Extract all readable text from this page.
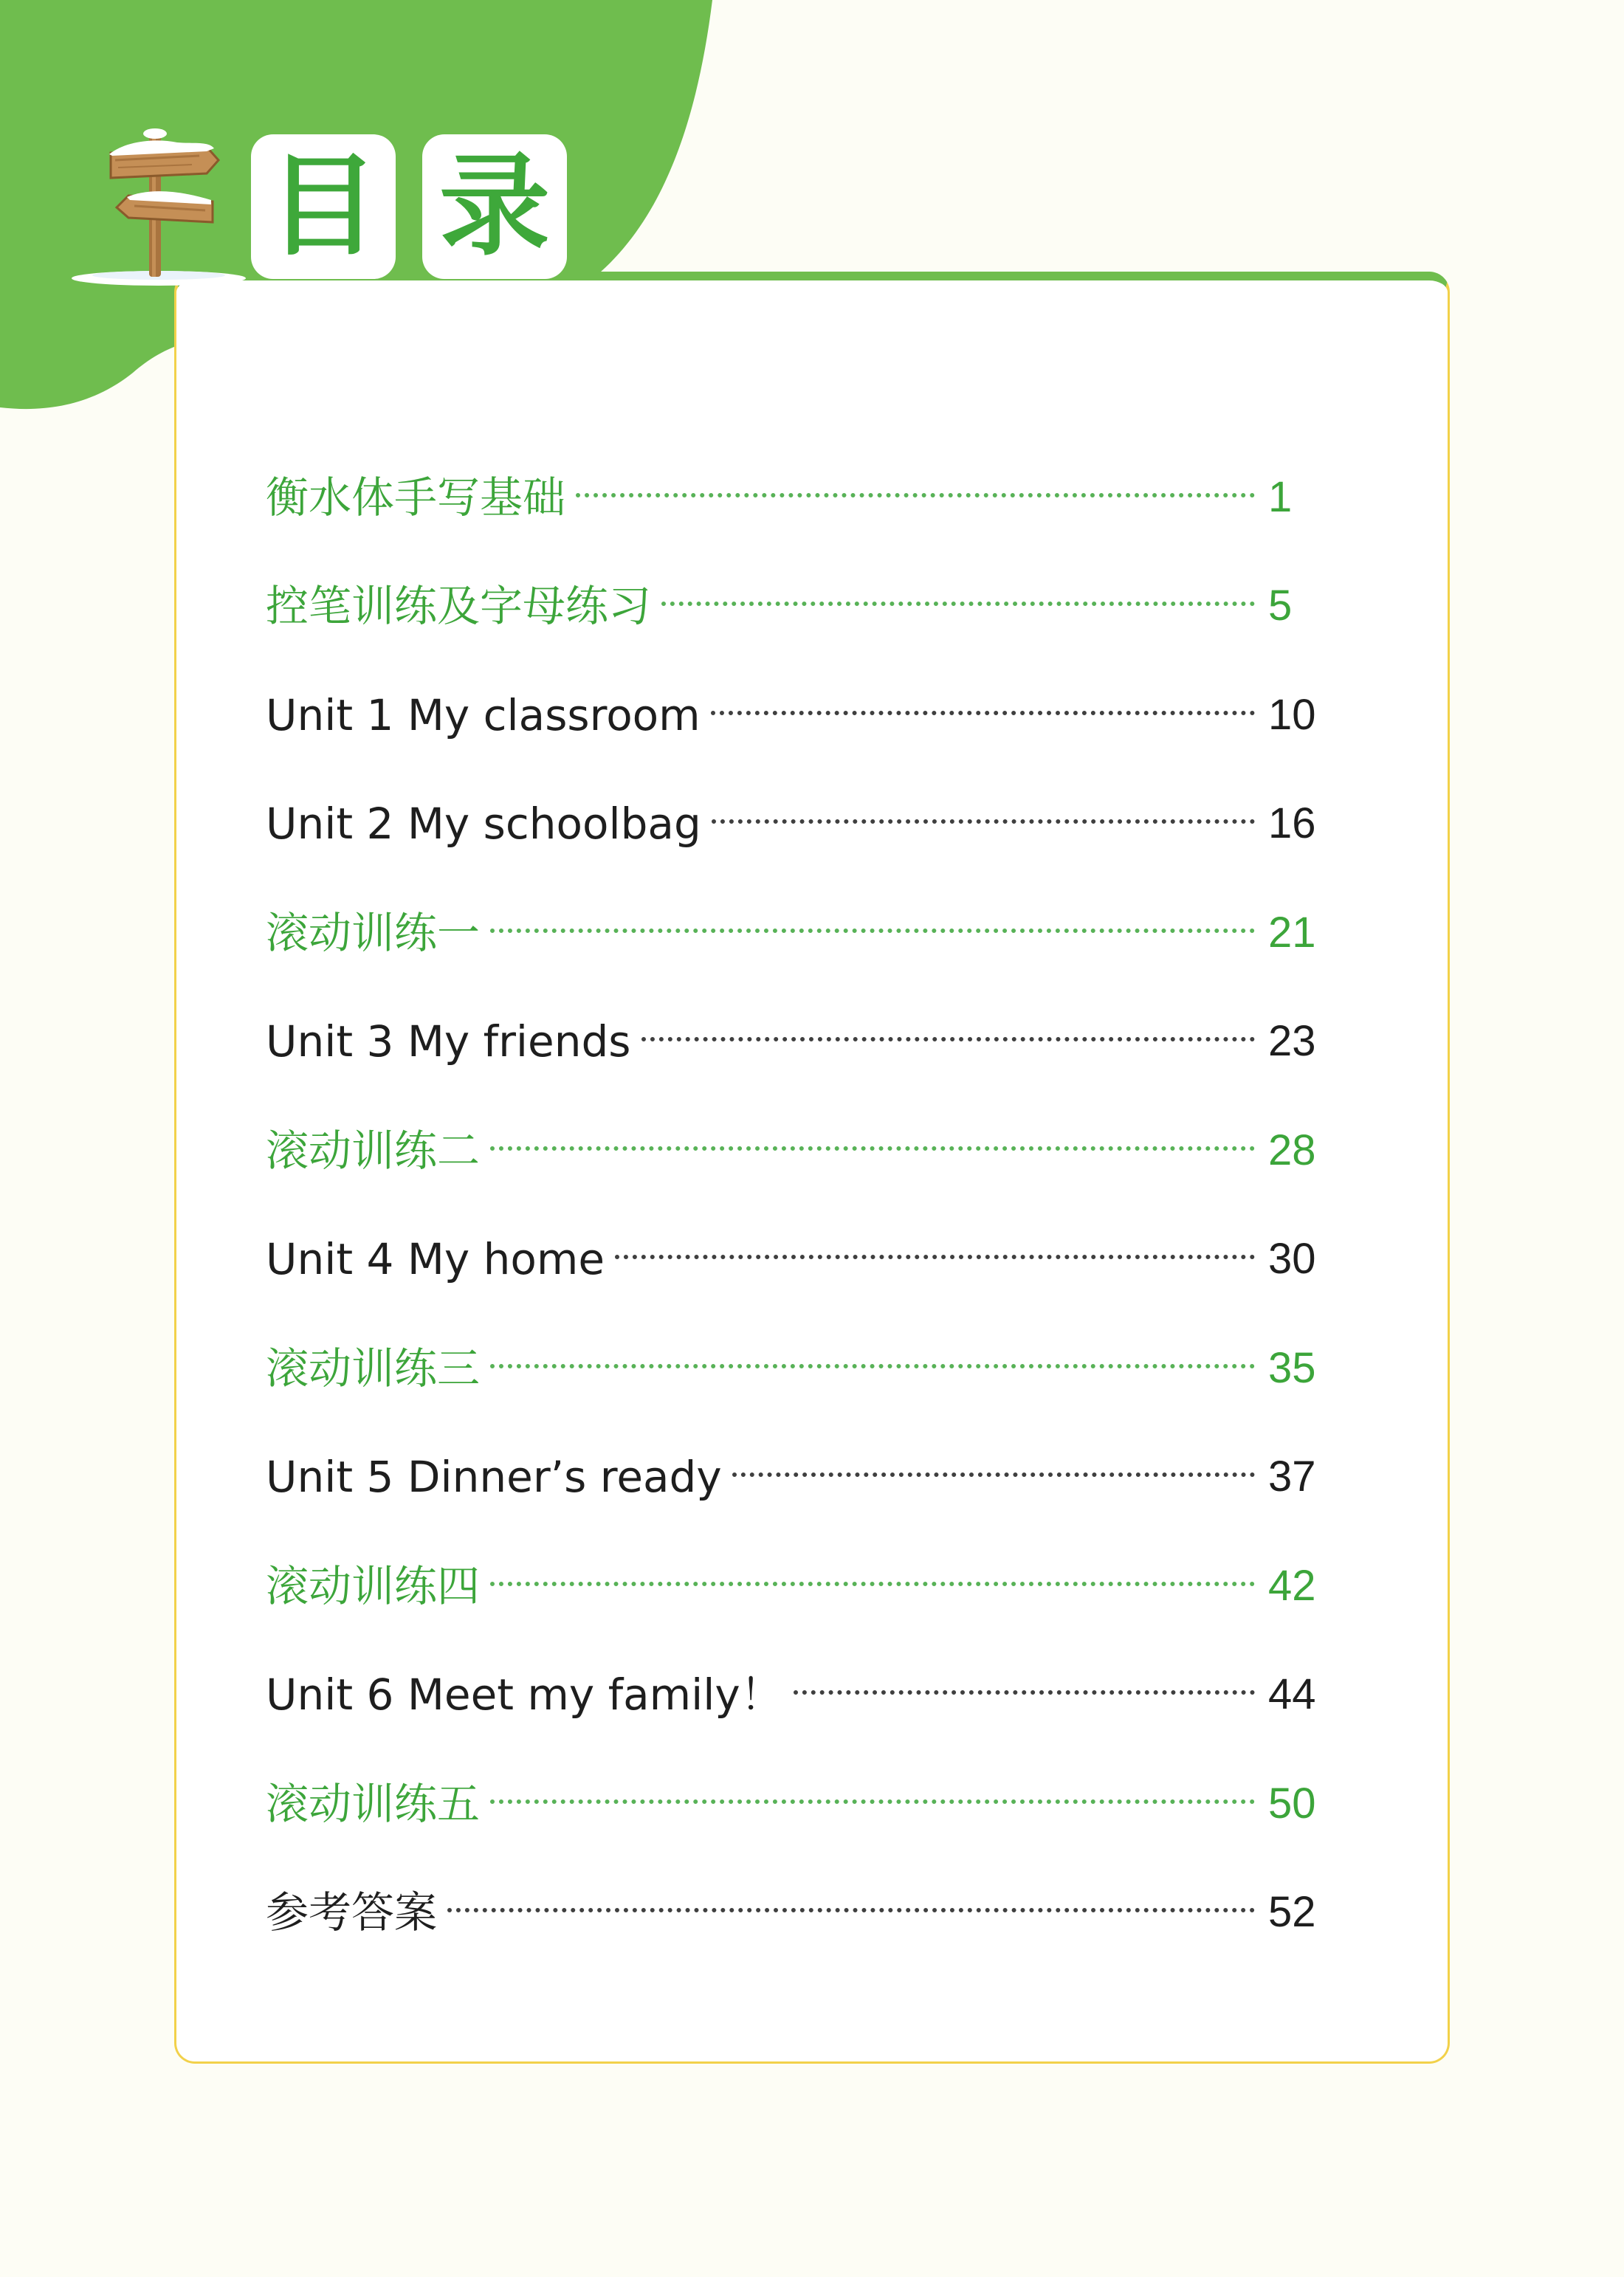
目 录
衡水体手写基础	1
控笔训练及字母练习	5
Unit 1 My classroom	10
Unit 2 My schoolbag	16
滚动训练一	21
Unit 3 My friends	23
滚动训练二	28
Unit 4 My home	30
滚动训练三	35
Unit 5 Dinner’s ready	37
滚动训练四	42
Unit 6 Meet my family！	44
滚动训练五	50
参考答案	52
